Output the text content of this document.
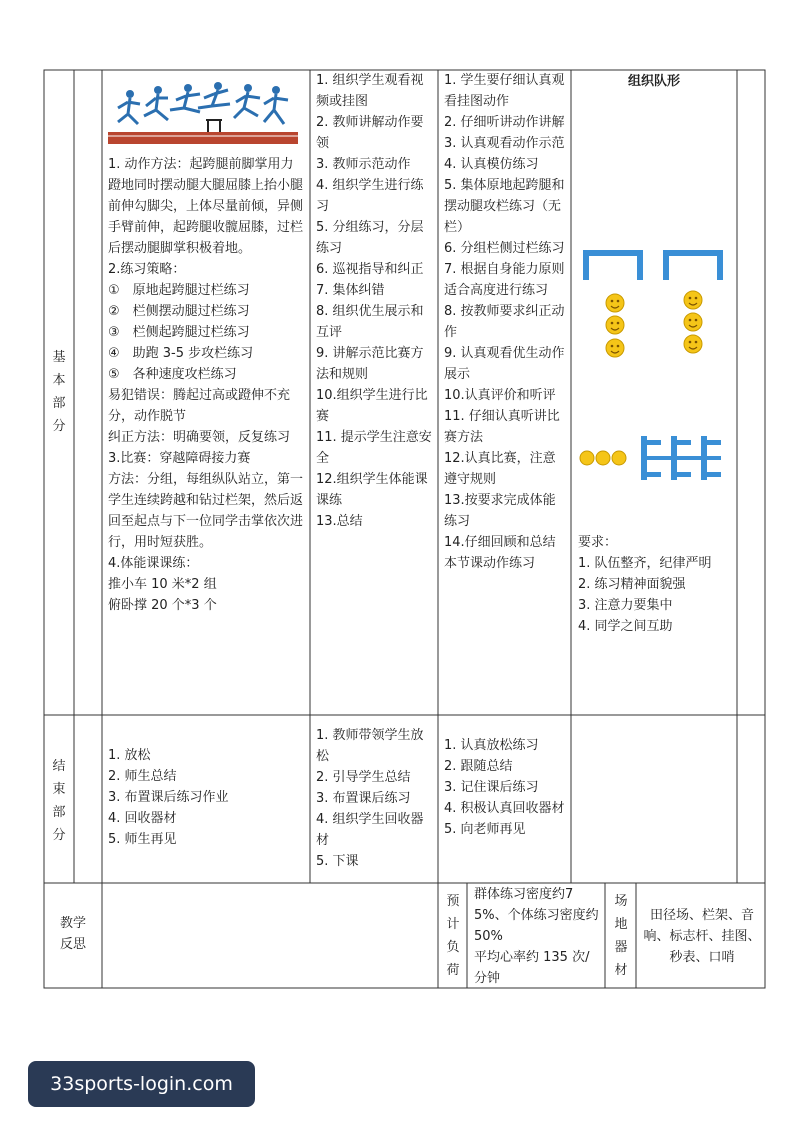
基
本
部
分
结
束
部
分
教学
反思
1. 动作方法：起跨腿前脚掌用力蹬地同时摆动腿大腿屈膝上抬小腿前伸勾脚尖，上体尽量前倾，异侧手臂前伸，起跨腿收髋屈膝，过栏后摆动腿脚掌积极着地。
2.练习策略：
①　原地起跨腿过栏练习
②　栏侧摆动腿过栏练习
③　栏侧起跨腿过栏练习
④　助跑 3-5 步攻栏练习
⑤　各种速度攻栏练习
易犯错误：腾起过高或蹬伸不充分，动作脱节
纠正方法：明确要领，反复练习
3.比赛：穿越障碍接力赛
方法：分组，每组纵队站立，第一学生连续跨越和钻过栏架，然后返回至起点与下一位同学击掌依次进行，用时短获胜。
4.体能课课练：
推小车 10 米*2 组
俯卧撑 20 个*3 个
1. 放松
2. 师生总结
3. 布置课后练习作业
4. 回收器材
5. 师生再见
1. 组织学生观看视频或挂图
2. 教师讲解动作要领
3. 教师示范动作
4. 组织学生进行练习
5. 分组练习，分层练习
6. 巡视指导和纠正
7. 集体纠错
8. 组织优生展示和互评
9. 讲解示范比赛方法和规则
10.组织学生进行比赛
11. 提示学生注意安全
12.组织学生体能课课练
13.总结
1. 教师带领学生放松
2. 引导学生总结
3. 布置课后练习
4. 组织学生回收器材
5. 下课
1. 学生要仔细认真观看挂图动作
2. 仔细听讲动作讲解
3. 认真观看动作示范
4. 认真模仿练习
5. 集体原地起跨腿和摆动腿攻栏练习（无栏）
6. 分组栏侧过栏练习
7. 根据自身能力原则适合高度进行练习
8. 按教师要求纠正动作
9. 认真观看优生动作展示
10.认真评价和听评
11. 仔细认真听讲比赛方法
12.认真比赛，注意遵守规则
13.按要求完成体能练习
14.仔细回顾和总结本节课动作练习
1. 认真放松练习
2. 跟随总结
3. 记住课后练习
4. 积极认真回收器材
5. 向老师再见
组织队形
要求：
1. 队伍整齐，纪律严明
2. 练习精神面貌强
3. 注意力要集中
4. 同学之间互助
预
计
负
荷
群体练习密度约75%、个体练习密度约 50%
平均心率约 135 次/分钟
场
地
器
材
田径场、栏架、音响、标志杆、挂图、秒表、口哨
33sports-login.com
